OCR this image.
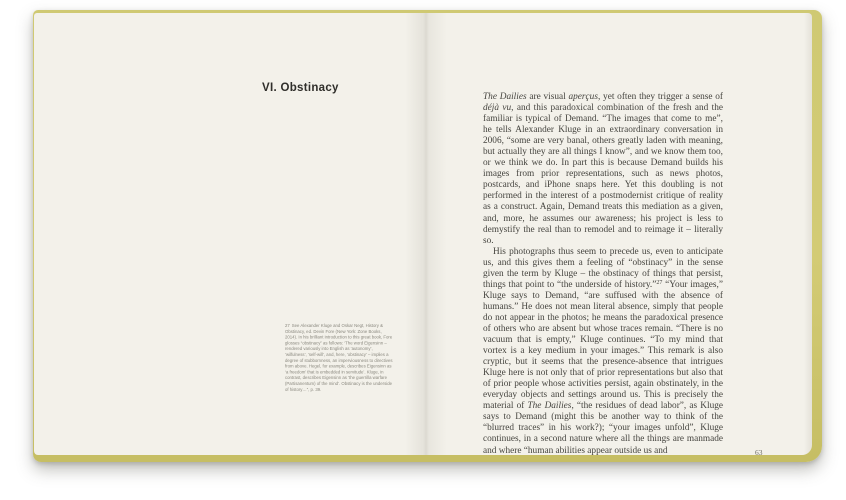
VI. Obstinacy
27 See Alexander Kluge and Oskar Negt, History & Obstinacy, ed. Devin Fore (New York: Zone Books, 2014). In his brilliant introduction to this great book, Fore glosses “obstinacy” as follows: ‘The word Eigensinn – rendered variously into English as ‘autonomy’, ‘wilfulness’, ‘self-will’, and, here, ‘obstinacy’ – implies a degree of stubbornness, an imperviousness to directives from above. Hegel, for example, describes Eigensinn as ‘a freedom’ that is embedded in servitude’. Kluge, in contrast, describes Eigensinn as ‘the guerrilla warfare (Partisanentum) of the mind’. Obstinacy is the underside of history…”, p. 39.

The Dailies are visual aperçus, yet often they trigger a sense of déjà vu, and this paradoxical combination of the fresh and the familiar is typical of Demand. “The images that come to me”, he tells Alexander Kluge in an extraordinary conversation in 2006, “some are very banal, others greatly laden with meaning, but actually they are all things I know”, and we know them too, or we think we do. In part this is because Demand builds his images from prior representations, such as news photos, postcards, and iPhone snaps here. Yet this doubling is not performed in the interest of a postmodernist critique of reality as a construct. Again, Demand treats this mediation as a given, and, more, he assumes our awareness; his project is less to demystify the real than to remodel and to reimage it – literally so.

His photographs thus seem to precede us, even to anticipate us, and this gives them a feeling of “obstinacy” in the sense given the term by Kluge – the obstinacy of things that persist, things that point to “the underside of history.”$^{27}$ “Your images,” Kluge says to Demand, “are suffused with the absence of humans.” He does not mean literal absence, simply that people do not appear in the photos; he means the paradoxical presence of others who are absent but whose traces remain. “There is no vacuum that is empty,” Kluge continues. “To my mind that vortex is a key medium in your images.” This remark is also cryptic, but it seems that the presence-absence that intrigues Kluge here is not only that of prior representations but also that of prior people whose activities persist, again obstinately, in the everyday objects and settings around us. This is precisely the material of The Dailies, “the residues of dead labor”, as Kluge says to Demand (might this be another way to think of the “blurred traces” in his work?); “your images unfold”, Kluge continues, in a second nature where all the things are manmade and where “human abilities appear outside us and	63
